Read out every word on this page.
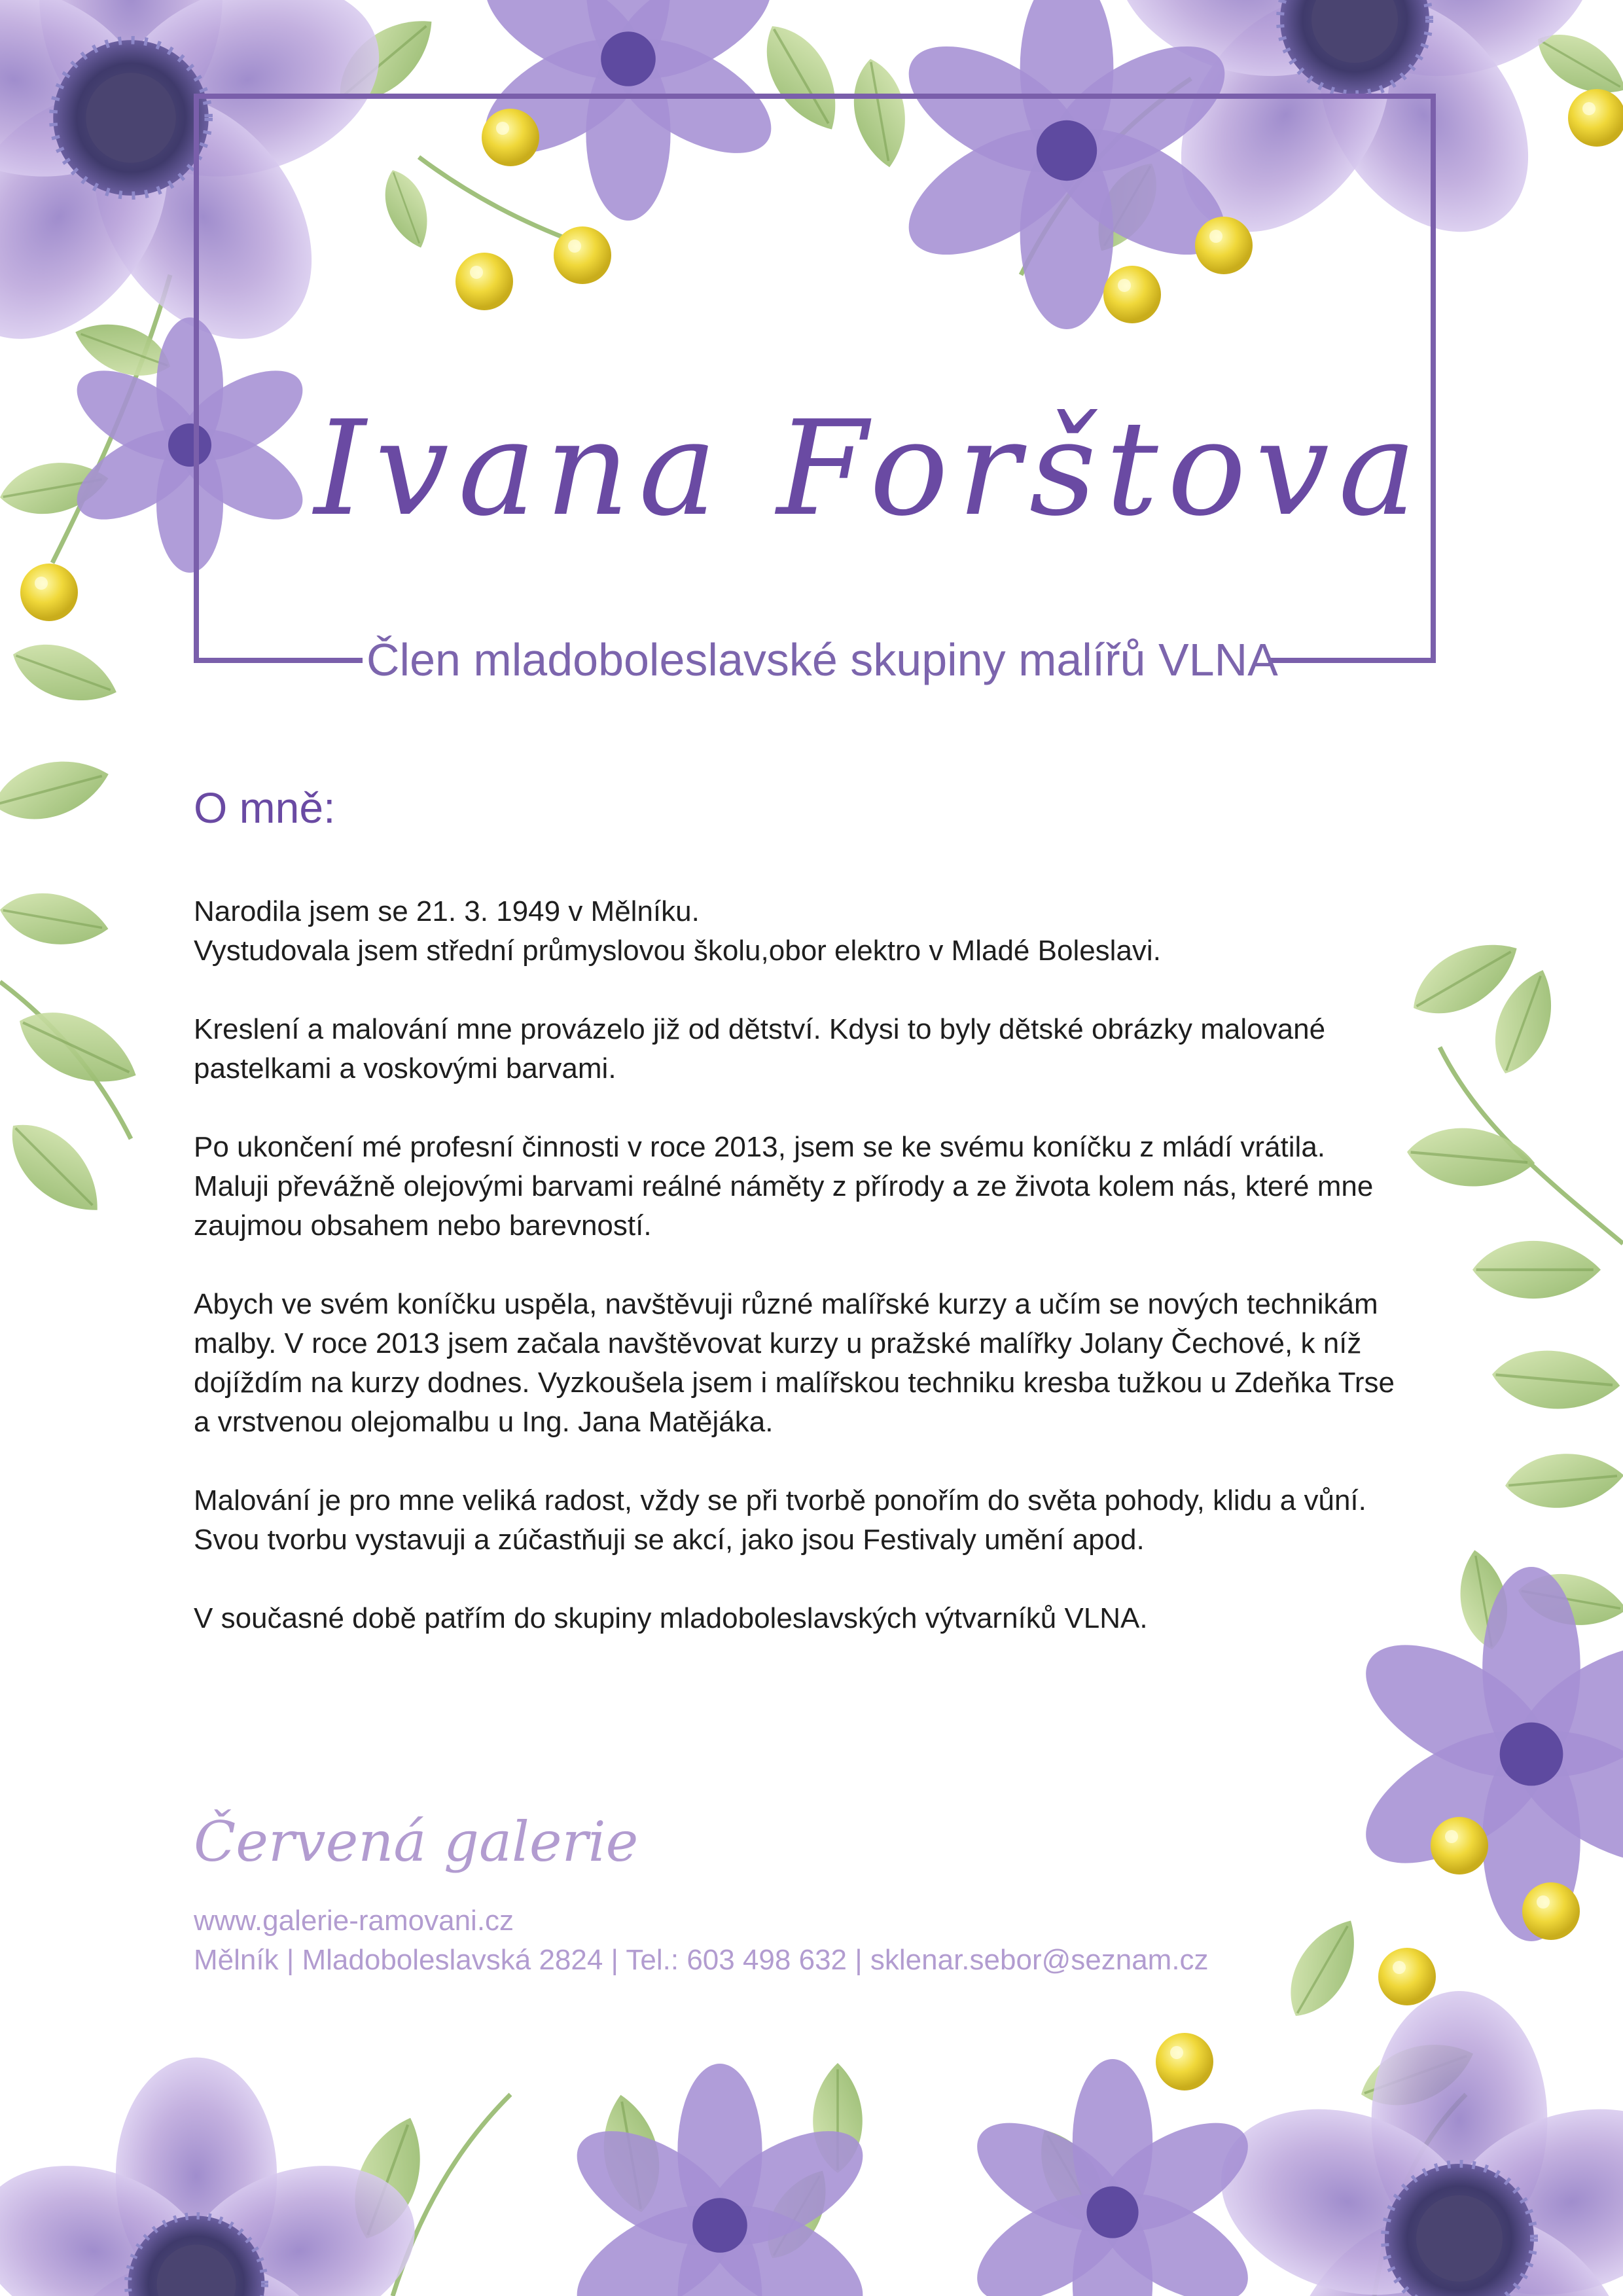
Ivana Forštova
Člen mladoboleslavské skupiny malířů VLNA
O mně:

Narodila jsem se 21. 3. 1949 v Mělníku.
Vystudovala jsem střední průmyslovou školu,obor elektro v Mladé Boleslavi.

Kreslení a malování mne provázelo již od dětství. Kdysi to byly dětské obrázky malované
pastelkami a voskovými barvami.

Po ukončení mé profesní činnosti v roce 2013, jsem se ke svému koníčku z mládí vrátila.
Maluji převážně olejovými barvami reálné náměty z přírody a ze života kolem nás, které mne
zaujmou obsahem nebo barevností.

Abych ve svém koníčku uspěla, navštěvuji různé malířské kurzy a učím se nových technikám
malby. V roce 2013 jsem začala navštěvovat kurzy u pražské malířky Jolany Čechové, k níž
dojíždím na kurzy dodnes. Vyzkoušela jsem i malířskou techniku kresba tužkou u Zdeňka Trse
a vrstvenou olejomalbu u Ing. Jana Matějáka.

Malování je pro mne veliká radost, vždy se při tvorbě ponořím do světa pohody, klidu a vůní.
Svou tvorbu vystavuji a zúčastňuji se akcí, jako jsou Festivaly umění apod.

V současné době patřím do skupiny mladoboleslavských výtvarníků VLNA.

Červená galerie
www.galerie-ramovani.cz
Mělník | Mladoboleslavská 2824 | Tel.: 603 498 632 | sklenar.sebor@seznam.cz
